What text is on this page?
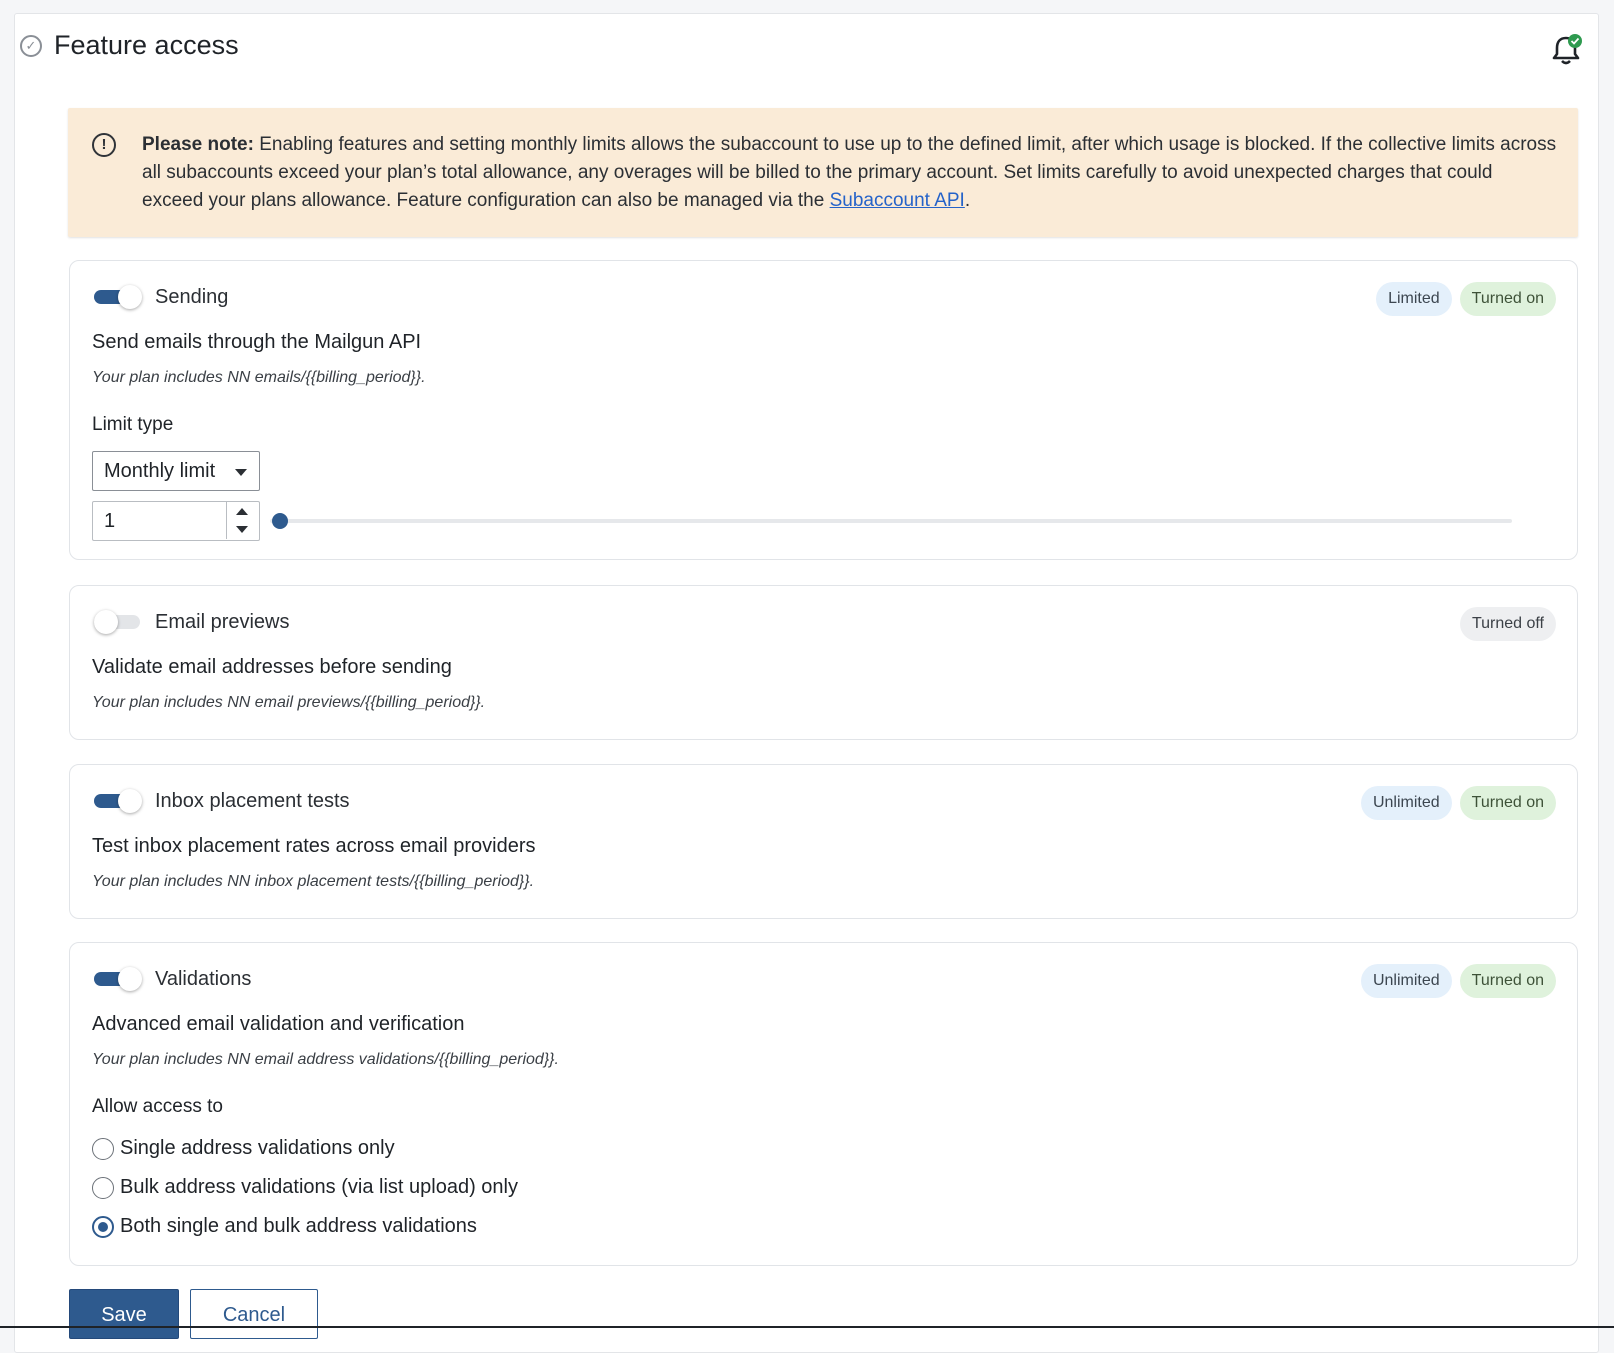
✓ Feature access
!	Please note: Enabling features and setting monthly limits allows the subaccount to use up to the defined limit, after which usage is blocked. If the collective limits across all subaccounts exceed your plan’s total allowance, any overages will be billed to the primary account. Set limits carefully to avoid unexpected charges that could exceed your plans allowance. Feature configuration can also be managed via the Subaccount API.
Sending	Limited	Turned on
Send emails through the Mailgun API
Your plan includes NN emails/{{billing_period}}.
Limit type
Monthly limit
1
Email previews	Turned off
Validate email addresses before sending
Your plan includes NN email previews/{{billing_period}}.
Inbox placement tests	Unlimited	Turned on
Test inbox placement rates across email providers
Your plan includes NN inbox placement tests/{{billing_period}}.
Validations	Unlimited	Turned on
Advanced email validation and verification
Your plan includes NN email address validations/{{billing_period}}.
Allow access to
Single address validations only
Bulk address validations (via list upload) only
Both single and bulk address validations
Save	Cancel
